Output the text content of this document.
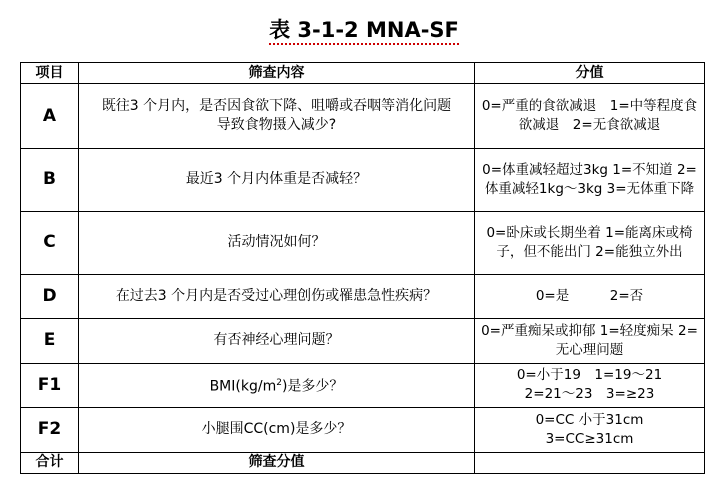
表 3-1-2 MNA-SF
项目	筛查内容	分值
A	既往3 个月内，是否因食欲下降、咀嚼或吞咽等消化问题导致食物摄入减少?	0=严重的食欲减退　1=中等程度食欲减退　2=无食欲减退
B	最近3 个月内体重是否减轻？	0=体重减轻超过3kg 1=不知道 2=体重减轻1kg～3kg 3=无体重下降
C	活动情况如何？	0=卧床或长期坐着 1=能离床或椅子，但不能出门 2=能独立外出
D	在过去3 个月内是否受过心理创伤或罹患急性疾病？	0=是　　　2=否
E	有否神经心理问题？	0=严重痴呆或抑郁 1=轻度痴呆 2=无心理问题
F1	$BMI(kg/m^2)$是多少？	0=小于19　1=19～21
2=21～23　3=≥23

F2	小腿围CC(cm)是多少？	0=CC 小于31cm
3=CC≥31cm

合计	筛查分值	
